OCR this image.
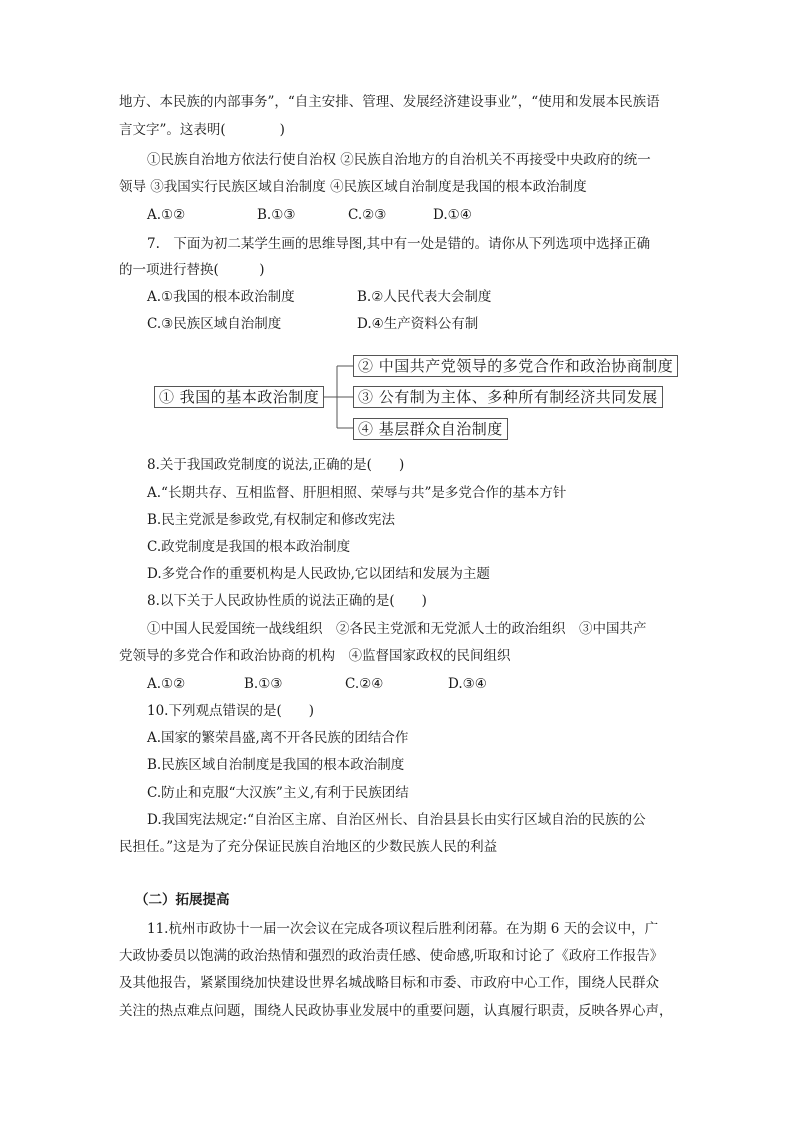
地方、本民族的内部事务”，“自主安排、管理、发展经济建设事业”，“使用和发展本民族语
言文字”。这表明(　　　　)
①民族自治地方依法行使自治权 ②民族自治地方的自治机关不再接受中央政府的统一
领导 ③我国实行民族区域自治制度 ④民族区域自治制度是我国的根本政治制度
A.①②	B.①③	C.②③	D.①④
7.　下面为初二某学生画的思维导图,其中有一处是错的。请你从下列选项中选择正确
的一项进行替换(　　　)
A.①我国的根本政治制度	B.②人民代表大会制度
C.③民族区域自治制度	D.④生产资料公有制
① 我国的基本政治制度
② 中国共产党领导的多党合作和政治协商制度
③ 公有制为主体、多种所有制经济共同发展
④ 基层群众自治制度
8.关于我国政党制度的说法,正确的是(　　)
A.“长期共存、互相监督、肝胆相照、荣辱与共”是多党合作的基本方针
B.民主党派是参政党,有权制定和修改宪法
C.政党制度是我国的根本政治制度
D.多党合作的重要机构是人民政协,它以团结和发展为主题
8.以下关于人民政协性质的说法正确的是(　　)
①中国人民爱国统一战线组织　②各民主党派和无党派人士的政治组织　③中国共产
党领导的多党合作和政治协商的机构　④监督国家政权的民间组织
A.①②	B.①③	C.②④	D.③④
10.下列观点错误的是(　　)
A.国家的繁荣昌盛,离不开各民族的团结合作
B.民族区域自治制度是我国的根本政治制度
C.防止和克服“大汉族”主义,有利于民族团结
D.我国宪法规定:“自治区主席、自治区州长、自治县县长由实行区域自治的民族的公
民担任。”这是为了充分保证民族自治地区的少数民族人民的利益
（二）拓展提高
11.杭州市政协十一届一次会议在完成各项议程后胜利闭幕。在为期 6 天的会议中，广
大政协委员以饱满的政治热情和强烈的政治责任感、使命感,听取和讨论了《政府工作报告》
及其他报告，紧紧围绕加快建设世界名城战略目标和市委、市政府中心工作，围绕人民群众
关注的热点难点问题，围绕人民政协事业发展中的重要问题，认真履行职责，反映各界心声，
